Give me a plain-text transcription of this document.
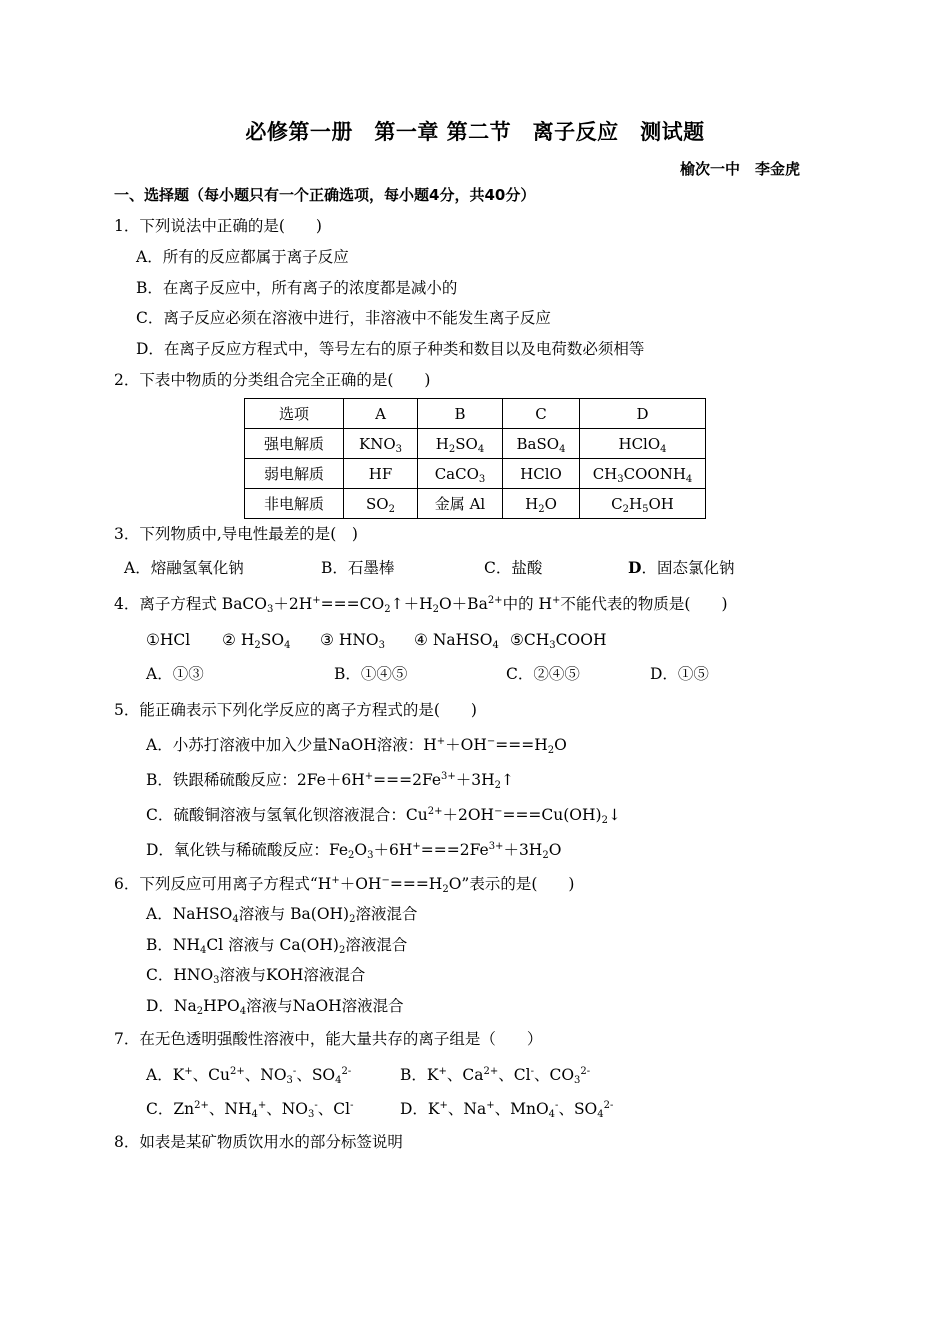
必修第一册　第一章 第二节　离子反应　测试题
榆次一中　李金虎
一、选择题（每小题只有一个正确选项，每小题4分，共40分）
1．下列说法中正确的是(　　)
A．所有的反应都属于离子反应
B．在离子反应中，所有离子的浓度都是减小的
C．离子反应必须在溶液中进行，非溶液中不能发生离子反应
D．在离子反应方程式中，等号左右的原子种类和数目以及电荷数必须相等
2．下表中物质的分类组合完全正确的是(　　)
选项	A	B	C	D
强电解质	$KNO_3$	$H_2SO_4$	BaSO$_4$	HClO$_4$
弱电解质	HF	CaCO$_3$	HClO	$CH_3COONH_4$
非电解质	$SO_2$	金属 Al	$H_2O$	$C_2H_5OH$
3．下列物质中,导电性最差的是(　)
A．熔融氢氧化钠	B．石墨棒	C．盐酸	D．固态氯化钠
4．离子方程式 $BaCO_3+2H^+===CO_2↑+H_2O+Ba^{2+}$中的 H+不能代表的物质是(　　)
①HCl ② $H_2SO_4$ ③ $HNO_3$ ④ NaHSO$_4$ $⑤CH_3COOH$
A．①③	B．①④⑤	C．②④⑤	D．①⑤
5．能正确表示下列化学反应的离子方程式的是(　　)
A．小苏打溶液中加入少量NaOH溶液：$H^++OH^-===H_2O$
B．铁跟稀硫酸反应：$2Fe+6H^+===2Fe^{3+}+3H_2↑$
C．硫酸铜溶液与氢氧化钡溶液混合：$Cu^{2+}+2OH^-===Cu(OH)_2↓$
D．氧化铁与稀硫酸反应：$Fe_2O_3+6H^+===2Fe^{3+}+3H_2O$
6．下列反应可用离子方程式“$H^++OH^-===H_2O$”表示的是(　　)
A．NaHSO$_4$溶液与 $Ba(OH)_2$溶液混合
B．$NH_4Cl$ 溶液与 $Ca(OH)_2$溶液混合
C．$HNO_3$溶液与KOH溶液混合
D．$Na_2HPO_4$溶液与NaOH溶液混合
7．在无色透明强酸性溶液中，能大量共存的离子组是（　　）
A．K+、$Cu^{2+}$、$NO_3^-$、$SO_4^{2-}$	B．K+、$Ca^{2+}$、Cl-、$CO_3^{2-}$
C．$Zn^{2+}$、$NH_4^+$、$NO_3^-$、Cl-	D．K+、Na+、MnO$_4$-、$SO_4^{2-}$
8．如表是某矿物质饮用水的部分标签说明
